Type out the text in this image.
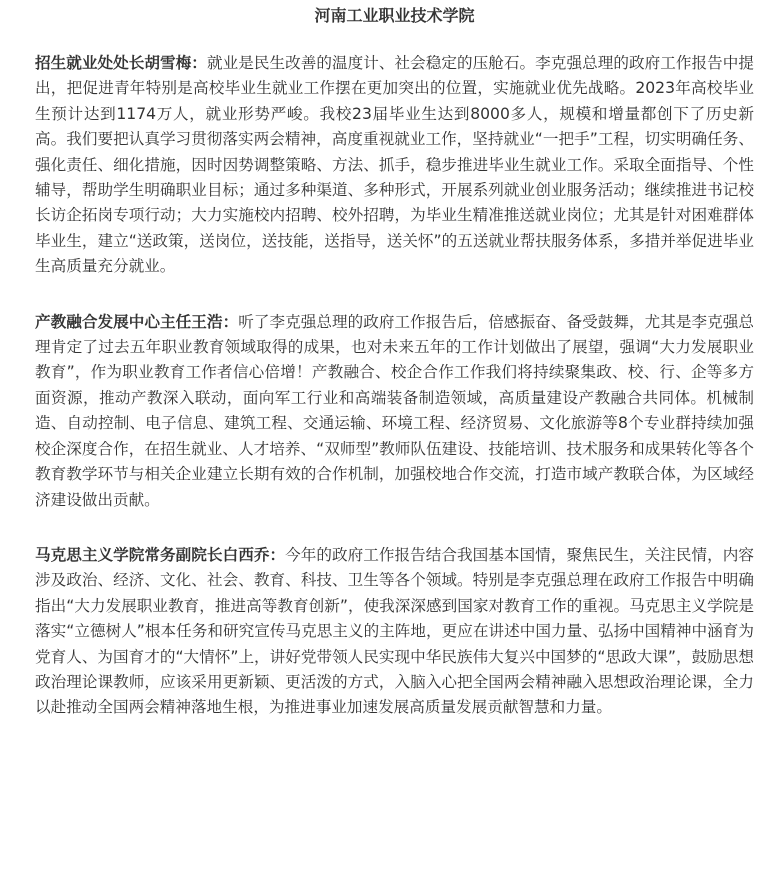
河南工业职业技术学院

招生就业处处长胡雪梅：就业是民生改善的温度计、社会稳定的压舱石。李克强总理的政府工作报告中提出，把促进青年特别是高校毕业生就业工作摆在更加突出的位置，实施就业优先战略。2023年高校毕业生预计达到1174万人，就业形势严峻。我校23届毕业生达到8000多人，规模和增量都创下了历史新高。我们要把认真学习贯彻落实两会精神，高度重视就业工作，坚持就业“一把手”工程，切实明确任务、强化责任、细化措施，因时因势调整策略、方法、抓手，稳步推进毕业生就业工作。采取全面指导、个性辅导，帮助学生明确职业目标；通过多种渠道、多种形式，开展系列就业创业服务活动；继续推进书记校长访企拓岗专项行动；大力实施校内招聘、校外招聘，为毕业生精准推送就业岗位；尤其是针对困难群体毕业生，建立“送政策，送岗位，送技能，送指导，送关怀”的五送就业帮扶服务体系，多措并举促进毕业生高质量充分就业。

产教融合发展中心主任王浩：听了李克强总理的政府工作报告后，倍感振奋、备受鼓舞，尤其是李克强总理肯定了过去五年职业教育领域取得的成果，也对未来五年的工作计划做出了展望，强调“大力发展职业教育”，作为职业教育工作者信心倍增！产教融合、校企合作工作我们将持续聚集政、校、行、企等多方面资源，推动产教深入联动，面向军工行业和高端装备制造领域，高质量建设产教融合共同体。机械制造、自动控制、电子信息、建筑工程、交通运输、环境工程、经济贸易、文化旅游等8个专业群持续加强校企深度合作，在招生就业、人才培养、“双师型”教师队伍建设、技能培训、技术服务和成果转化等各个教育教学环节与相关企业建立长期有效的合作机制，加强校地合作交流，打造市域产教联合体，为区域经济建设做出贡献。

马克思主义学院常务副院长白西乔：今年的政府工作报告结合我国基本国情，聚焦民生，关注民情，内容涉及政治、经济、文化、社会、教育、科技、卫生等各个领域。特别是李克强总理在政府工作报告中明确指出“大力发展职业教育，推进高等教育创新”，使我深深感到国家对教育工作的重视。马克思主义学院是落实“立德树人”根本任务和研究宣传马克思主义的主阵地，更应在讲述中国力量、弘扬中国精神中涵育为党育人、为国育才的“大情怀”上，讲好党带领人民实现中华民族伟大复兴中国梦的“思政大课”，鼓励思想政治理论课教师，应该采用更新颖、更活泼的方式，入脑入心把全国两会精神融入思想政治理论课，全力以赴推动全国两会精神落地生根，为推进事业加速发展高质量发展贡献智慧和力量。
